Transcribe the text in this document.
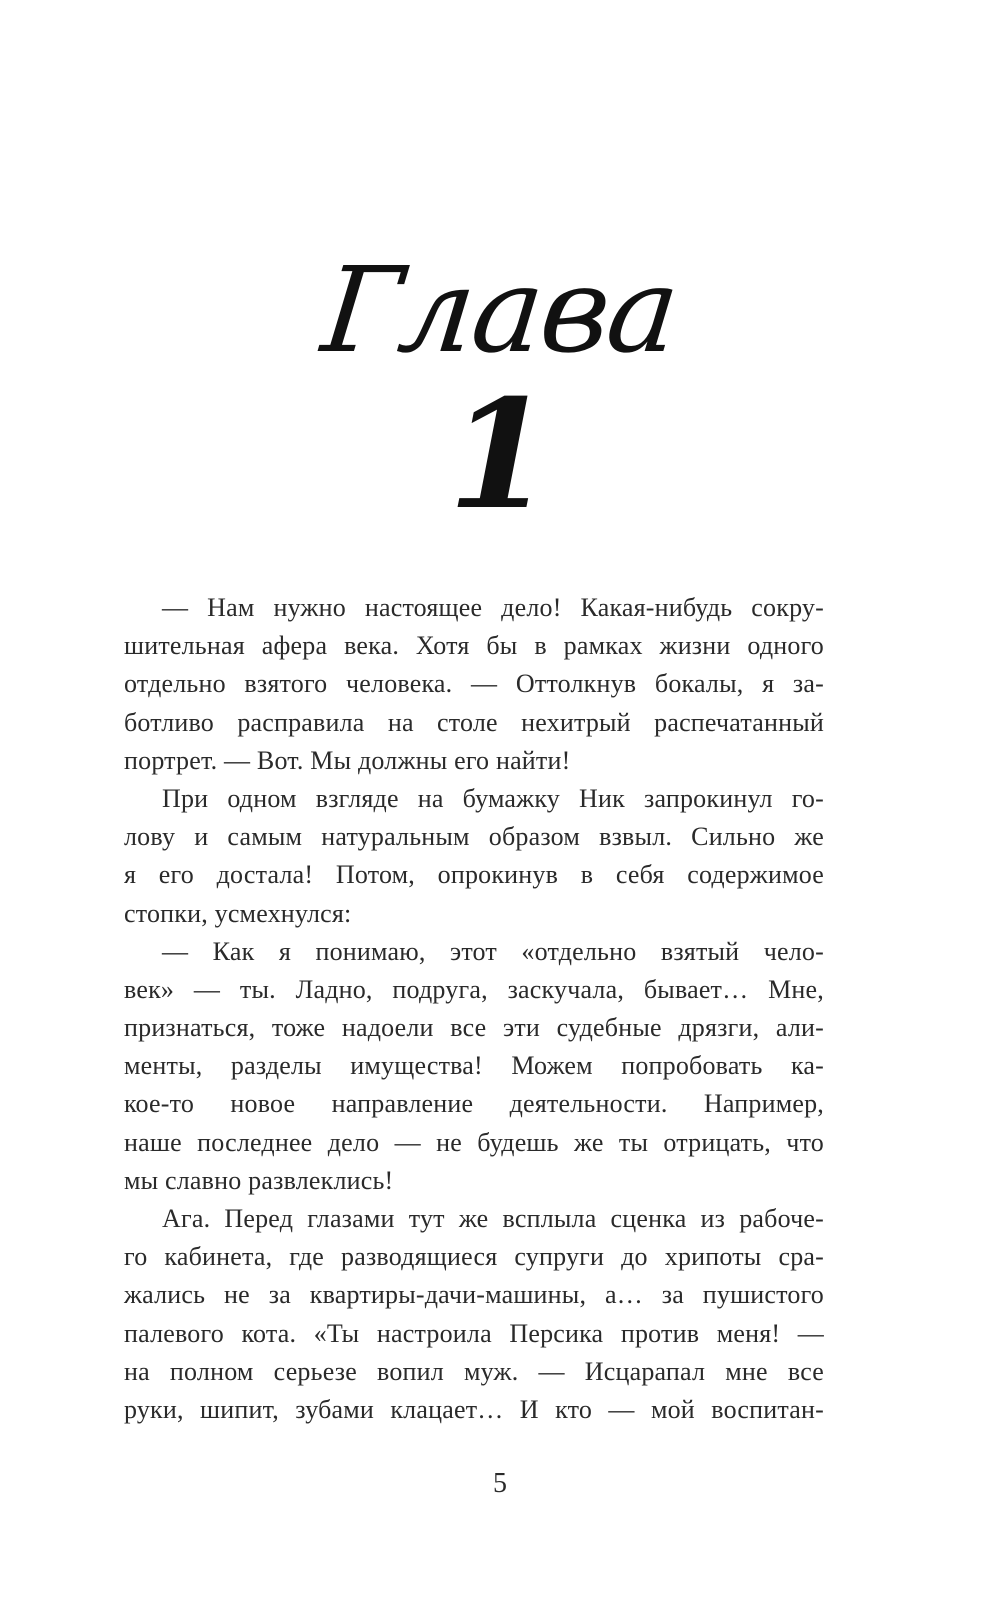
Глава
1
— Нам нужно настоящее дело! Какая-нибудь сокру-
шительная афера века. Хотя бы в рамках жизни одного
отдельно взятого человека. — Оттолкнув бокалы, я за-
ботливо расправила на столе нехитрый распечатанный
портрет. — Вот. Мы должны его найти!
При одном взгляде на бумажку Ник запрокинул го-
лову и самым натуральным образом взвыл. Сильно же
я его достала! Потом, опрокинув в себя содержимое
стопки, усмехнулся:
— Как я понимаю, этот «отдельно взятый чело-
век» — ты. Ладно, подруга, заскучала, бывает… Мне,
признаться, тоже надоели все эти судебные дрязги, али-
менты, разделы имущества! Можем попробовать ка-
кое-то новое направление деятельности. Например,
наше последнее дело — не будешь же ты отрицать, что
мы славно развлеклись!
Ага. Перед глазами тут же всплыла сценка из рабоче-
го кабинета, где разводящиеся супруги до хрипоты сра-
жались не за квартиры-дачи-машины, а… за пушистого
палевого кота. «Ты настроила Персика против меня! —
на полном серьезе вопил муж. — Исцарапал мне все
руки, шипит, зубами клацает… И кто — мой воспитан-
5
